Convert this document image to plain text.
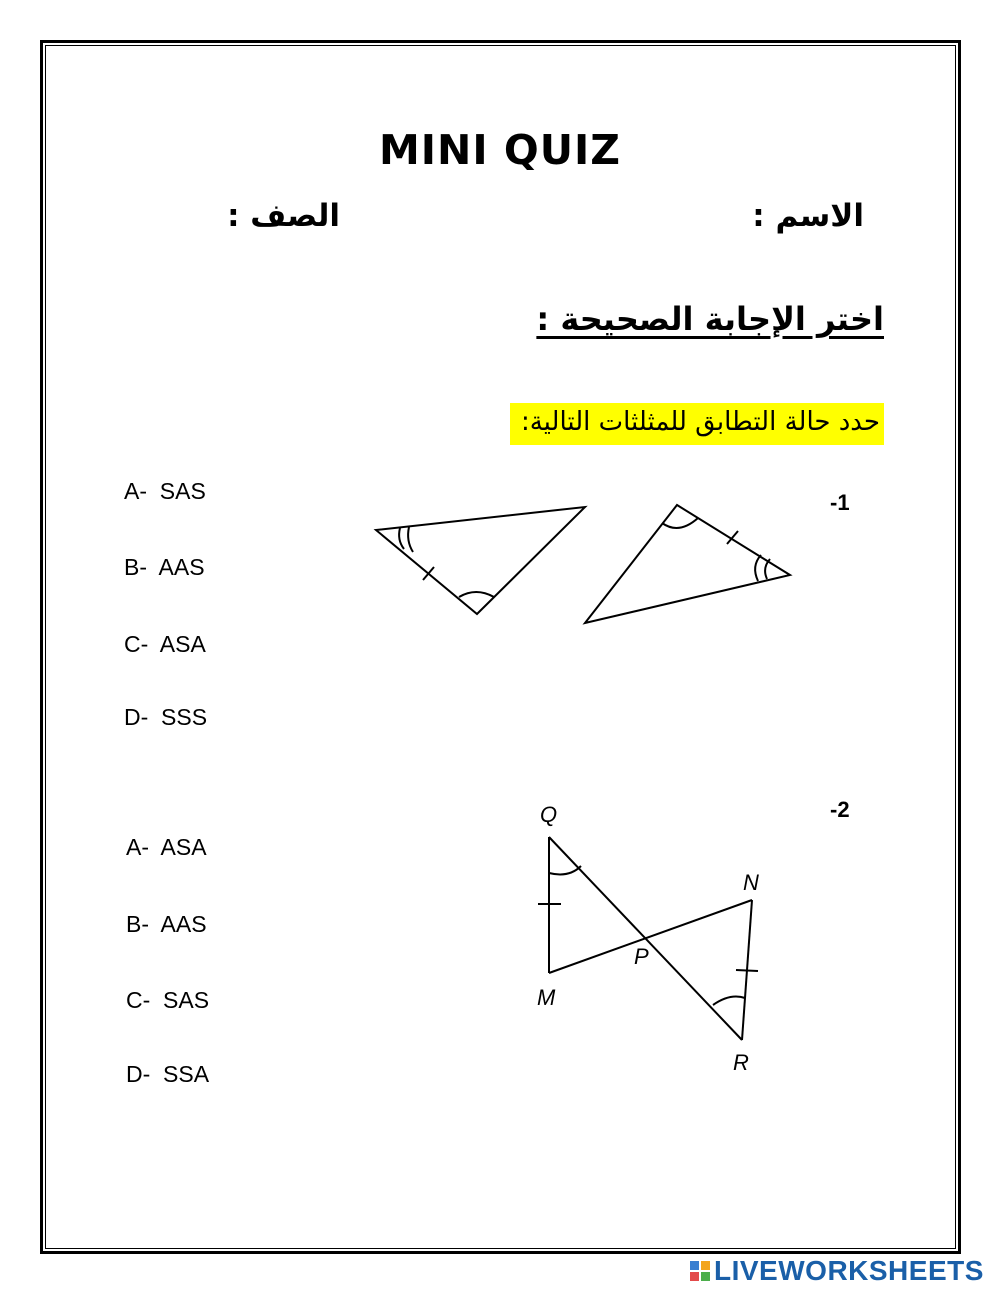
MINI QUIZ
الاسم :
الصف :
اختر الإجابة الصحيحة :
حدد حالة التطابق للمثلثات التالية:
-1
A-  SAS
B-  AAS
C-  ASA
D-  SSS
-2
A-  ASA
B-  AAS
C-  SAS
D-  SSA
Q
N
P
M
R
LIVEWORKSHEETS
